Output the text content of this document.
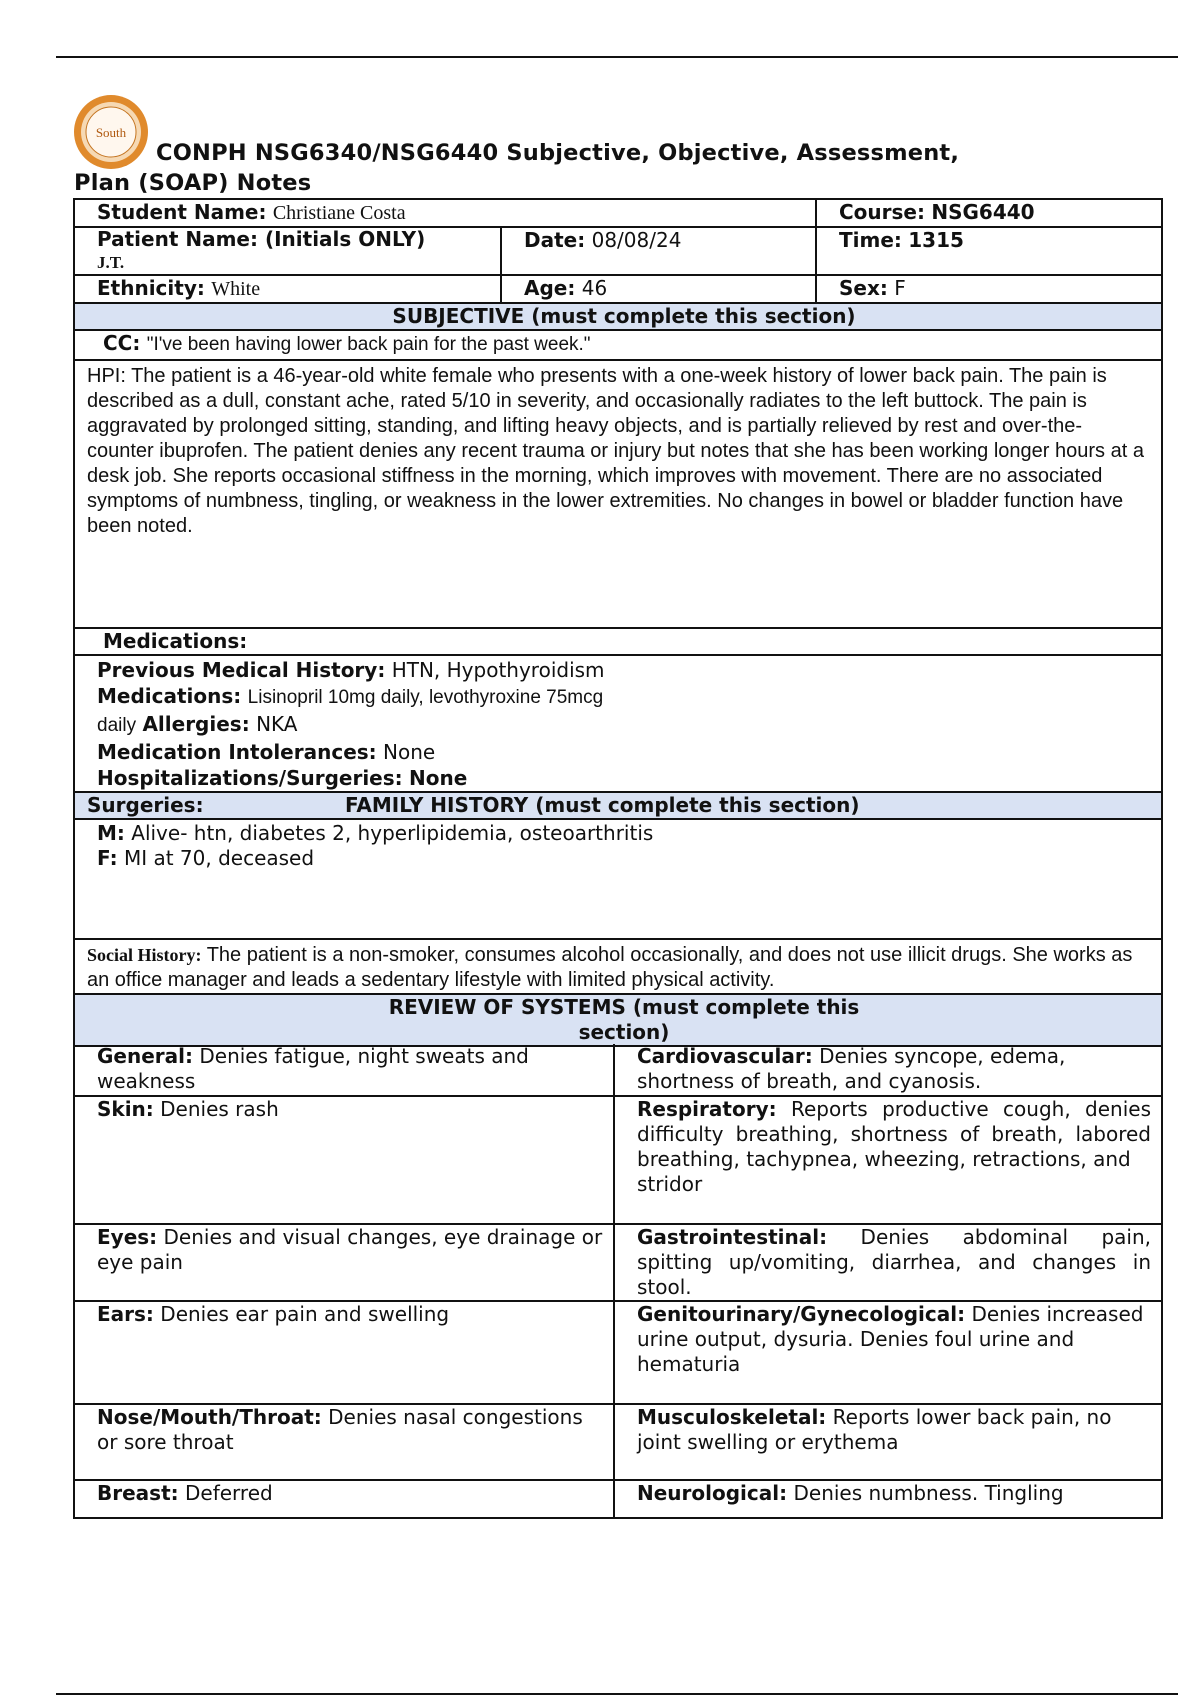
South
CONPH NSG6340/NSG6440 Subjective, Objective, Assessment, Plan (SOAP) Notes
Student Name: Christiane Costa		Course: NSG6440
Patient Name: (Initials ONLY)
J.T.	Date: 08/08/24	Time: 1315
Ethnicity: White	Age: 46	Sex: F
SUBJECTIVE (must complete this section)		
CC: "I've been having lower back pain for the past week."		
HPI: The patient is a 46-year-old white female who presents with a one-week history of lower back pain. The pain is described as a dull, constant ache, rated 5/10 in severity, and occasionally radiates to the left buttock. The pain is aggravated by prolonged sitting, standing, and lifting heavy objects, and is partially relieved by rest and over-the-counter ibuprofen. The patient denies any recent trauma or injury but notes that she has been working longer hours at a desk job. She reports occasional stiffness in the morning, which improves with movement. There are no associated symptoms of numbness, tingling, or weakness in the lower extremities. No changes in bowel or bladder function have been noted.		
Medications:		
Previous Medical History: HTN, Hypothyroidism
Medications: Lisinopril 10mg daily, levothyroxine 75mcg
daily Allergies: NKA
Medication Intolerances: None
Hospitalizations/Surgeries: None		
Surgeries: FAMILY HISTORY (must complete this section)		

M: Alive- htn, diabetes 2, hyperlipidemia, osteoarthritis
F: MI at 70, deceased		
Social History: The patient is a non-smoker, consumes alcohol occasionally, and does not use illicit drugs. She works as an office manager and leads a sedentary lifestyle with limited physical activity.		
REVIEW OF SYSTEMS (must complete this
section)		
General: Denies fatigue, night sweats and weakness	Cardiovascular: Denies syncope, edema, shortness of breath, and cyanosis.
Skin: Denies rash	Respiratory: Reports productive cough, denies difficulty breathing, shortness of breath, labored breathing, tachypnea, wheezing, retractions, and
stridor

Eyes: Denies and visual changes, eye drainage or eye pain	Gastrointestinal: Denies abdominal pain, spitting up/vomiting, diarrhea, and changes in stool.
Ears: Denies ear pain and swelling	Genitourinary/Gynecological: Denies increased urine output, dysuria. Denies foul urine and
hematuria
Nose/Mouth/Throat: Denies nasal congestions
or sore throat	Musculoskeletal: Reports lower back pain, no
joint swelling or erythema
Breast: Deferred	Neurological: Denies numbness. Tingling
